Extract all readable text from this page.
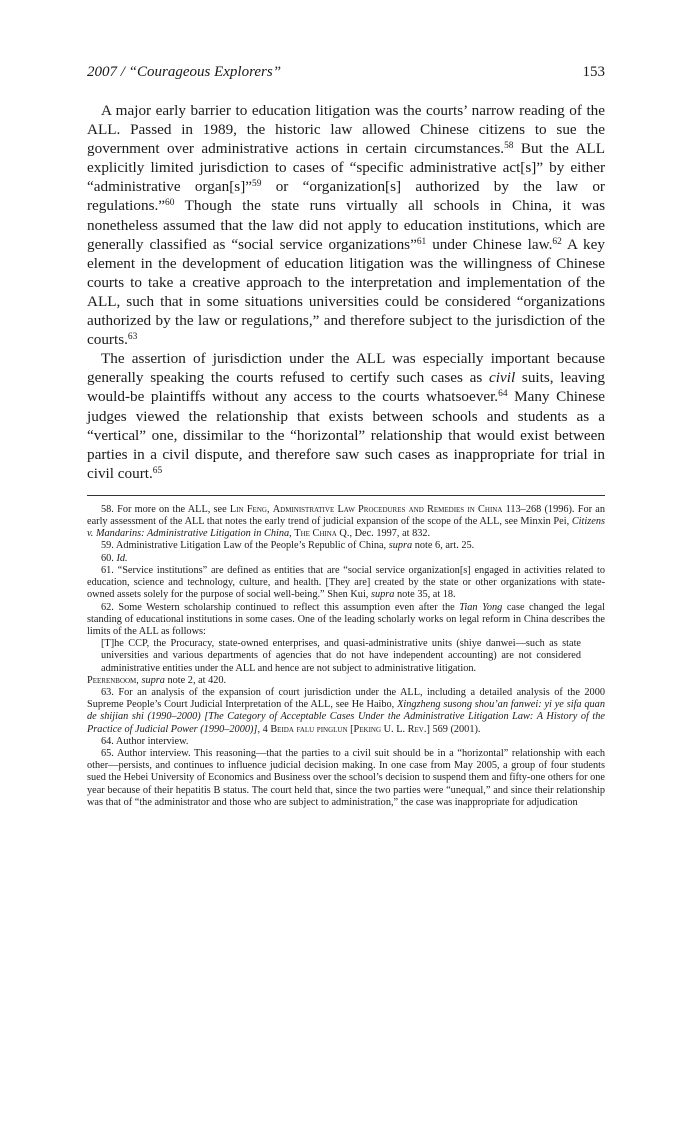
2007 / “Courageous Explorers”	153

A major early barrier to education litigation was the courts’ narrow reading of the ALL. Passed in 1989, the historic law allowed Chinese citizens to sue the government over administrative actions in certain circumstances.$^{58}$ But the ALL explicitly limited jurisdiction to cases of “specific administrative act[s]” by either “administrative organ[s]”$^{59}$ or “organization[s] authorized by the law or regulations.”$^{60}$ Though the state runs virtually all schools in China, it was nonetheless assumed that the law did not apply to education institutions, which are generally classified as “social service organizations”$^{61}$ under Chinese law.$^{62}$ A key element in the development of education litigation was the willingness of Chinese courts to take a creative approach to the interpretation and implementation of the ALL, such that in some situations universities could be considered “organizations authorized by the law or regulations,” and therefore subject to the jurisdiction of the courts.$^{63}$

The assertion of jurisdiction under the ALL was especially important because generally speaking the courts refused to certify such cases as civil suits, leaving would-be plaintiffs without any access to the courts whatsoever.$^{64}$ Many Chinese judges viewed the relationship that exists between schools and students as a “vertical” one, dissimilar to the “horizontal” relationship that would exist between parties in a civil dispute, and therefore saw such cases as inappropriate for trial in civil court.$^{65}$

58. For more on the ALL, see Lin Feng, Administrative Law Procedures and Remedies in China 113–268 (1996). For an early assessment of the ALL that notes the early trend of judicial expansion of the scope of the ALL, see Minxin Pei, Citizens v. Mandarins: Administrative Litigation in China, The China Q., Dec. 1997, at 832.

59. Administrative Litigation Law of the People’s Republic of China, supra note 6, art. 25.

60. Id.

61. “Service institutions” are defined as entities that are “social service organization[s] engaged in activities related to education, science and technology, culture, and health. [They are] created by the state or other organizations with state-owned assets solely for the purpose of social well-being.” Shen Kui, supra note 35, at 18.

62. Some Western scholarship continued to reflect this assumption even after the Tian Yong case changed the legal standing of educational institutions in some cases. One of the leading scholarly works on legal reform in China describes the limits of the ALL as follows:

[T]he CCP, the Procuracy, state-owned enterprises, and quasi-administrative units (shiye danwei—such as state universities and various departments of agencies that do not have independent accounting) are not considered administrative entities under the ALL and hence are not subject to administrative litigation.

Peerenboom, supra note 2, at 420.

63. For an analysis of the expansion of court jurisdiction under the ALL, including a detailed analysis of the 2000 Supreme People’s Court Judicial Interpretation of the ALL, see He Haibo, Xingzheng susong shou’an fanwei: yi ye sifa quan de shijian shi (1990–2000) [The Category of Acceptable Cases Under the Administrative Litigation Law: A History of the Practice of Judicial Power (1990–2000)], 4 Beida falu pinglun [Peking U. L. Rev.] 569 (2001).

64. Author interview.

65. Author interview. This reasoning—that the parties to a civil suit should be in a “horizontal” relationship with each other—persists, and continues to influence judicial decision making. In one case from May 2005, a group of four students sued the Hebei University of Economics and Business over the school’s decision to suspend them and fifty-one others for one year because of their hepatitis B status. The court held that, since the two parties were “unequal,” and since their relationship was that of “the administrator and those who are subject to administration,” the case was inappropriate for adjudication
